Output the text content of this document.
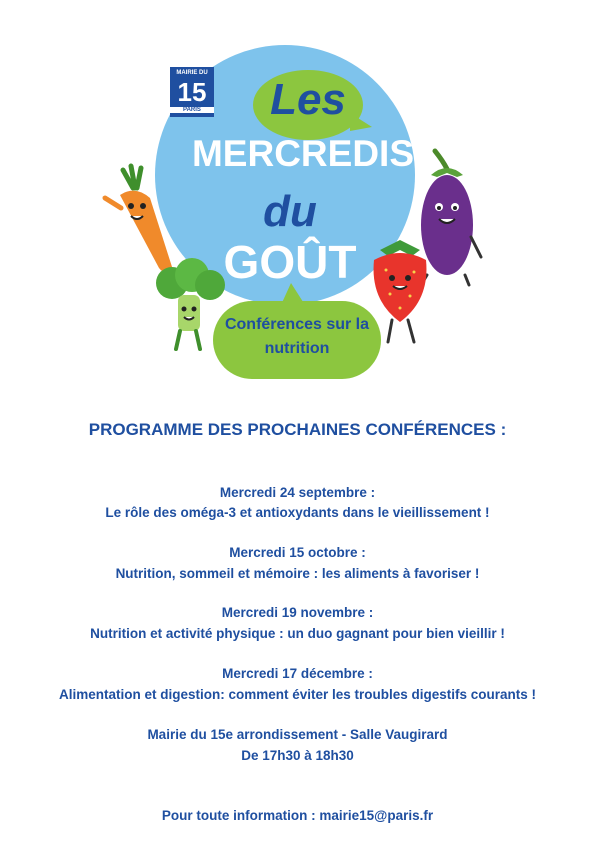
MAIRIE DU
15
PARIS	Les
MERCREDIS
du
GOÛT
Conférences sur la nutrition
PROGRAMME DES PROCHAINES CONFÉRENCES :
Mercredi 24 septembre :
Le rôle des oméga-3 et antioxydants dans le vieillissement !
Mercredi 15 octobre :
Nutrition, sommeil et mémoire : les aliments à favoriser !
Mercredi 19 novembre :
Nutrition et activité physique : un duo gagnant pour bien vieillir !
Mercredi 17 décembre :
Alimentation et digestion: comment éviter les troubles digestifs courants !
Mairie du 15e arrondissement - Salle Vaugirard
De 17h30 à 18h30
Pour toute information : mairie15@paris.fr
